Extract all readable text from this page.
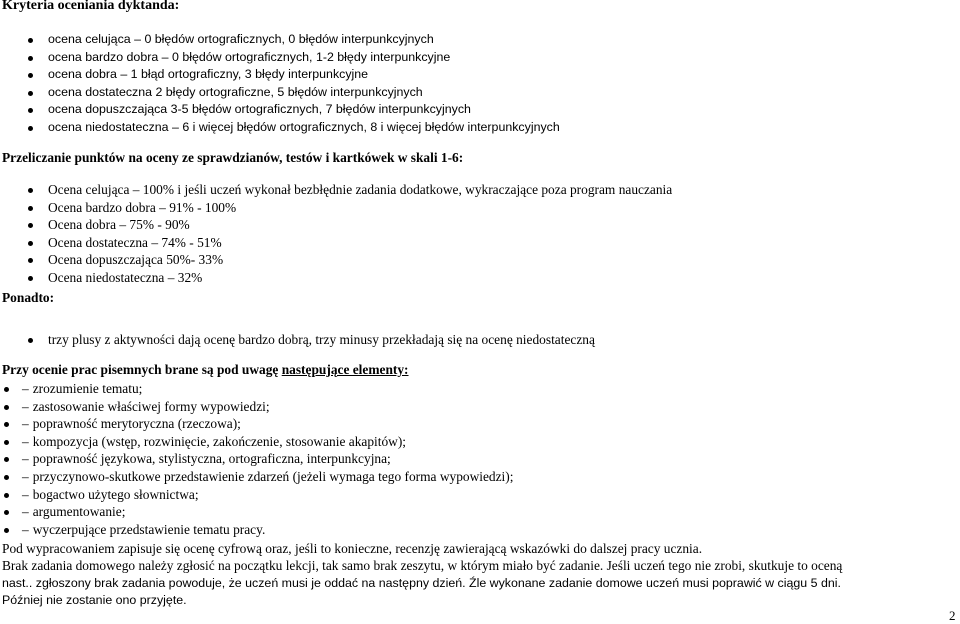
Kryteria oceniania dyktanda:
ocena celująca – 0 błędów ortograficznych, 0 błędów interpunkcyjnych
ocena bardzo dobra – 0 błędów ortograficznych, 1-2 błędy interpunkcyjne
ocena dobra – 1 błąd ortograficzny, 3 błędy interpunkcyjne
ocena dostateczna 2 błędy ortograficzne, 5 błędów interpunkcyjnych
ocena dopuszczająca 3-5 błędów ortograficznych, 7 błędów interpunkcyjnych
ocena niedostateczna – 6 i więcej błędów ortograficznych, 8 i więcej błędów interpunkcyjnych
Przeliczanie punktów na oceny ze sprawdzianów, testów i kartkówek w skali 1-6:
Ocena celująca – 100% i jeśli uczeń wykonał bezbłędnie zadania dodatkowe, wykraczające poza program nauczania
Ocena bardzo dobra – 91% - 100%
Ocena dobra – 75% - 90%
Ocena dostateczna – 74% - 51%
Ocena dopuszczająca 50%- 33%
Ocena niedostateczna – 32%
Ponadto:
trzy plusy z aktywności dają ocenę bardzo dobrą, trzy minusy przekładają się na ocenę niedostateczną
Przy ocenie prac pisemnych brane są pod uwagę następujące elementy:
– zrozumienie tematu;
– zastosowanie właściwej formy wypowiedzi;
– poprawność merytoryczna (rzeczowa);
– kompozycja (wstęp, rozwinięcie, zakończenie, stosowanie akapitów);
– poprawność językowa, stylistyczna, ortograficzna, interpunkcyjna;
– przyczynowo-skutkowe przedstawienie zdarzeń (jeżeli wymaga tego forma wypowiedzi);
– bogactwo użytego słownictwa;
– argumentowanie;
– wyczerpujące przedstawienie tematu pracy.
Pod wypracowaniem zapisuje się ocenę cyfrową oraz, jeśli to konieczne, recenzję zawierającą wskazówki do dalszej pracy ucznia.
Brak zadania domowego należy zgłosić na początku lekcji, tak samo brak zeszytu, w którym miało być zadanie. Jeśli uczeń tego nie zrobi, skutkuje to oceną
nast.. zgłoszony brak zadania powoduje, że uczeń musi je oddać na następny dzień. Źle wykonane zadanie domowe uczeń musi poprawić w ciągu 5 dni.
Później nie zostanie ono przyjęte.
2
